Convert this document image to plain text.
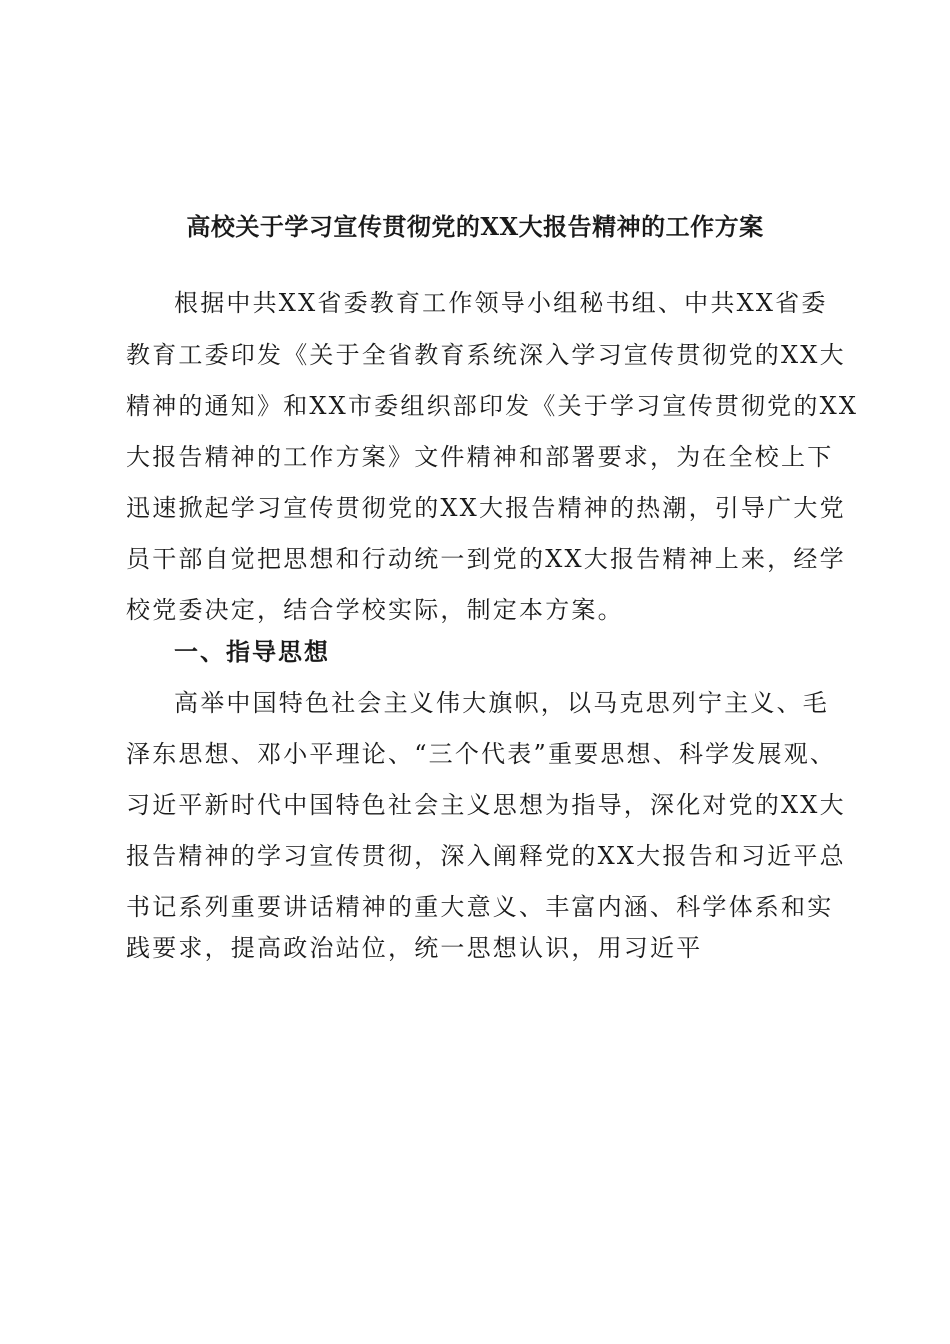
高校关于学习宣传贯彻党的XX大报告精神的工作方案
根据中共XX省委教育工作领导小组秘书组、中共XX省委
教育工委印发《关于全省教育系统深入学习宣传贯彻党的XX大
精神的通知》和XX市委组织部印发《关于学习宣传贯彻党的XX
大报告精神的工作方案》文件精神和部署要求，为在全校上下
迅速掀起学习宣传贯彻党的XX大报告精神的热潮，引导广大党
员干部自觉把思想和行动统一到党的XX大报告精神上来，经学
校党委决定，结合学校实际，制定本方案。
一、指导思想
高举中国特色社会主义伟大旗帜，以马克思列宁主义、毛
泽东思想、邓小平理论、“三个代表”重要思想、科学发展观、
习近平新时代中国特色社会主义思想为指导，深化对党的XX大
报告精神的学习宣传贯彻，深入阐释党的XX大报告和习近平总
书记系列重要讲话精神的重大意义、丰富内涵、科学体系和实
践要求，提高政治站位，统一思想认识，用习近平
